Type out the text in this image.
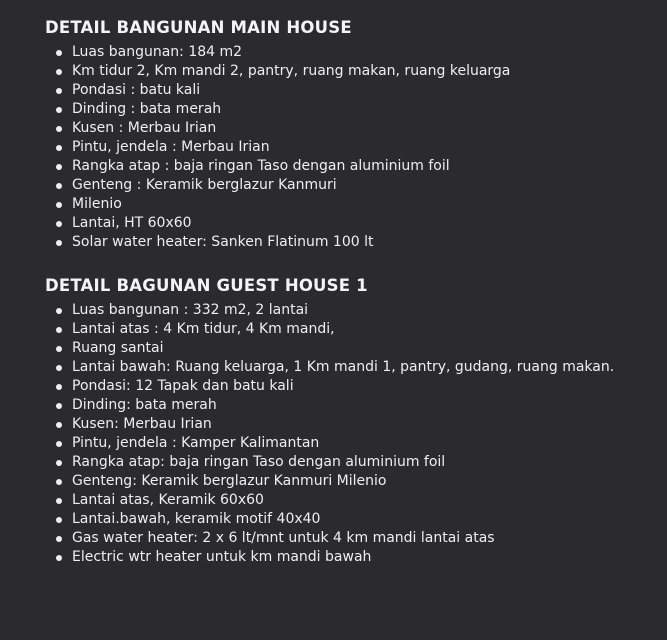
DETAIL BANGUNAN MAIN HOUSE
Luas bangunan: 184 m2
Km tidur 2, Km mandi 2, pantry, ruang makan, ruang keluarga
Pondasi : batu kali
Dinding : bata merah
Kusen : Merbau Irian
Pintu, jendela : Merbau Irian
Rangka atap : baja ringan Taso dengan aluminium foil
Genteng : Keramik berglazur Kanmuri
Milenio
Lantai, HT 60x60
Solar water heater: Sanken Flatinum 100 lt
DETAIL BAGUNAN GUEST HOUSE 1
Luas bangunan : 332 m2, 2 lantai
Lantai atas : 4 Km tidur, 4 Km mandi,
Ruang santai
Lantai bawah: Ruang keluarga, 1 Km mandi 1, pantry, gudang, ruang makan.
Pondasi: 12 Tapak dan batu kali
Dinding: bata merah
Kusen: Merbau Irian
Pintu, jendela : Kamper Kalimantan
Rangka atap: baja ringan Taso dengan aluminium foil
Genteng: Keramik berglazur Kanmuri Milenio
Lantai atas, Keramik 60x60
Lantai.bawah, keramik motif 40x40
Gas water heater: 2 x 6 lt/mnt untuk 4 km mandi lantai atas
Electric wtr heater untuk km mandi bawah
